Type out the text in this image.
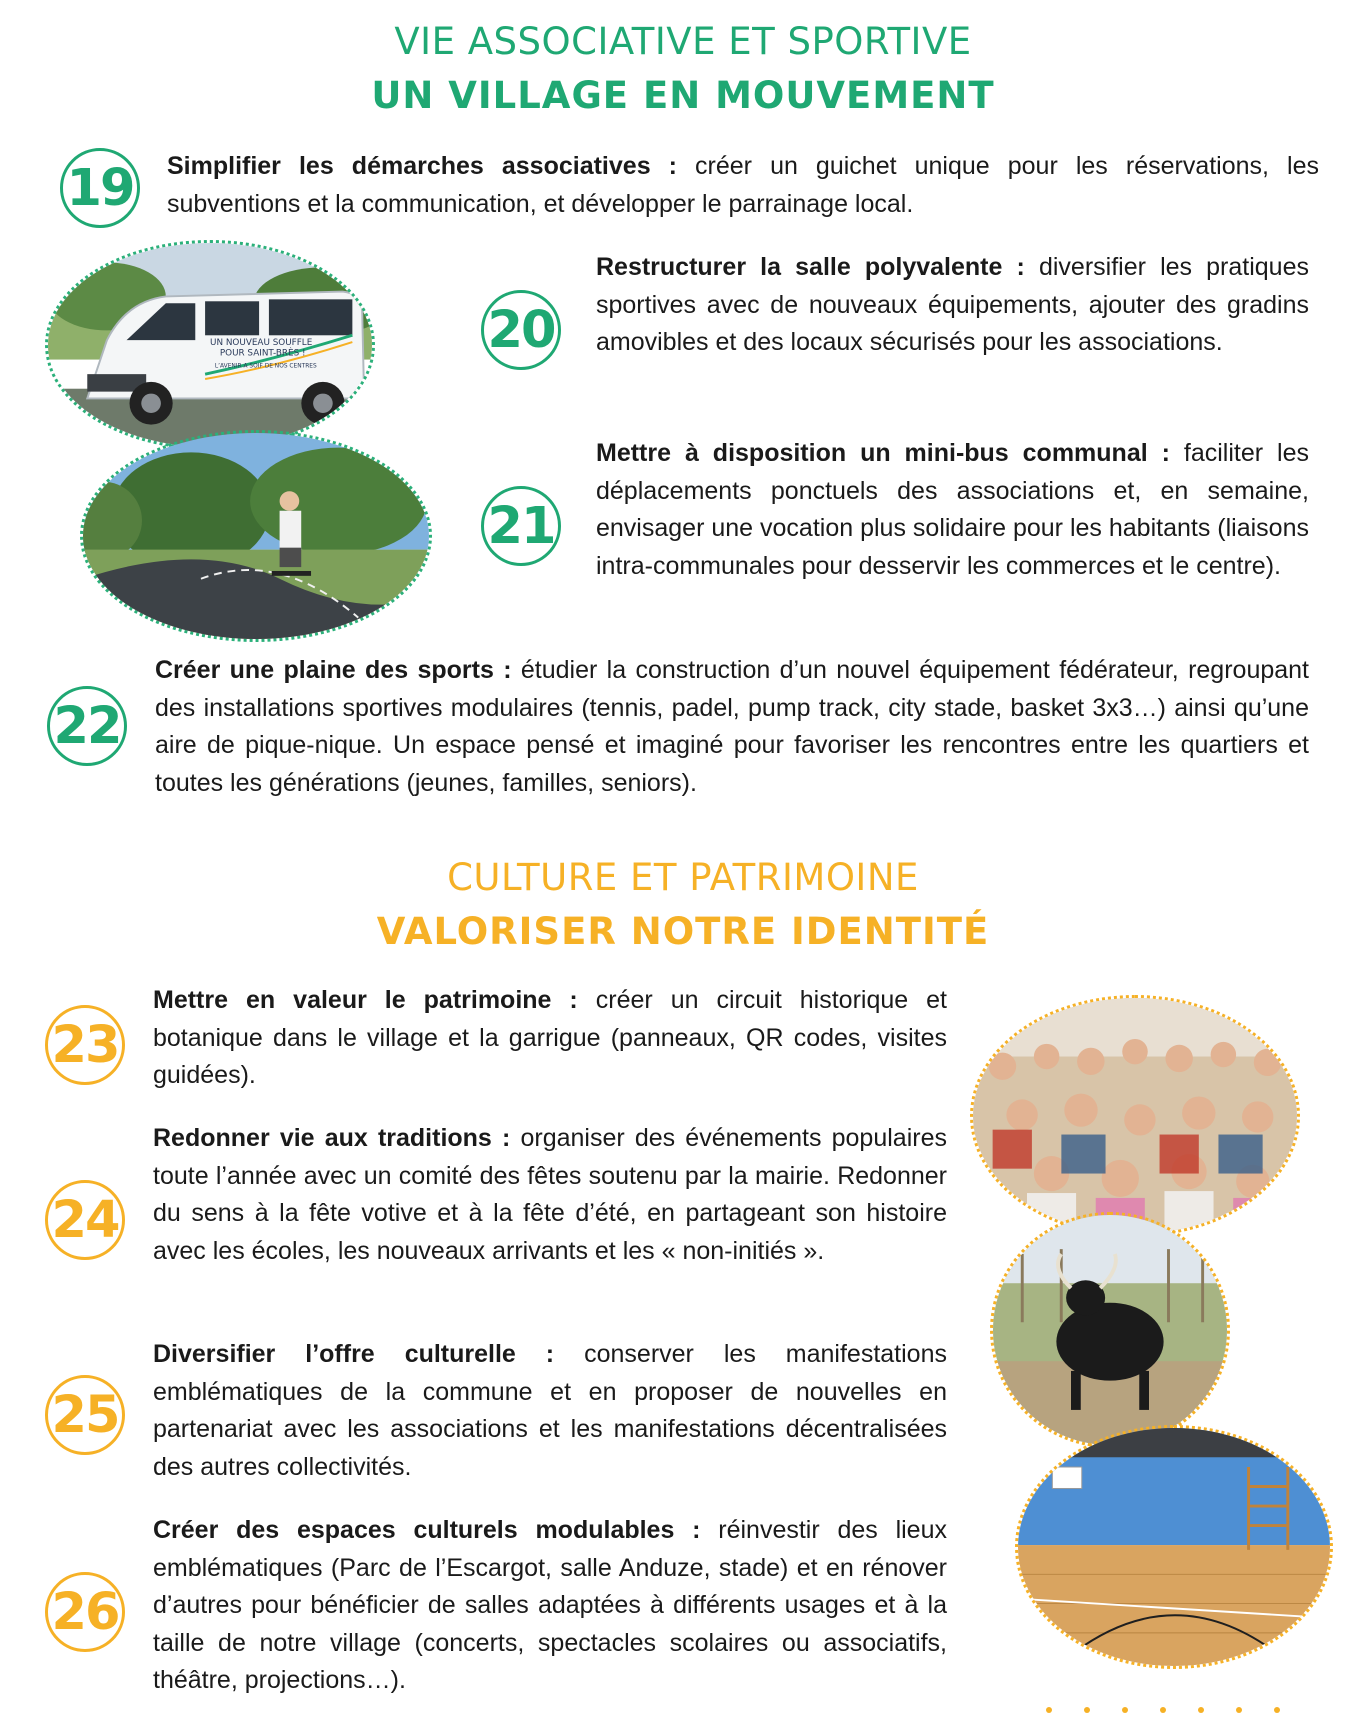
VIE ASSOCIATIVE ET SPORTIVE
UN VILLAGE EN MOUVEMENT
19 Simplifier les démarches associatives : créer un guichet unique pour les réservations, les subventions et la communication, et développer le parrainage local.
UN NOUVEAU SOUFFLE
POUR SAINT-BRÈS !
L’AVENIR A SOIF DE NOS CENTRES
20
Restructurer la salle polyvalente : diversifier les pratiques sportives avec de nouveaux équipements, ajouter des gradins amovibles et des locaux sécurisés pour les associations.
21
Mettre à disposition un mini-bus communal : faciliter les déplacements ponctuels des associations et, en semaine, envisager une vocation plus solidaire pour les habitants (liaisons intra-communales pour desservir les commerces et le centre).
22
Créer une plaine des sports : étudier la construction d’un nouvel équipement fédérateur, regroupant des installations sportives modulaires (tennis, padel, pump track, city stade, basket 3x3…) ainsi qu’une aire de pique-nique. Un espace pensé et imaginé pour favoriser les rencontres entre les quartiers et toutes les générations (jeunes, familles, seniors).
CULTURE ET PATRIMOINE
VALORISER NOTRE IDENTITÉ
23
Mettre en valeur le patrimoine : créer un circuit historique et botanique dans le village et la garrigue (panneaux, QR codes, visites guidées).
24
Redonner vie aux traditions : organiser des événements populaires toute l’année avec un comité des fêtes soutenu par la mairie. Redonner du sens à la fête votive et à la fête d’été, en partageant son histoire avec les écoles, les nouveaux arrivants et les « non-initiés ».
25
Diversifier l’offre culturelle : conserver les manifestations emblématiques de la commune et en proposer de nouvelles en partenariat avec les associations et les manifestations décentralisées des autres collectivités.
26
Créer des espaces culturels modulables : réinvestir des lieux emblématiques (Parc de l’Escargot, salle Anduze, stade) et en rénover d’autres pour bénéficier de salles adaptées à différents usages et à la taille de notre village (concerts, spectacles scolaires ou associatifs, théâtre, projections…).
